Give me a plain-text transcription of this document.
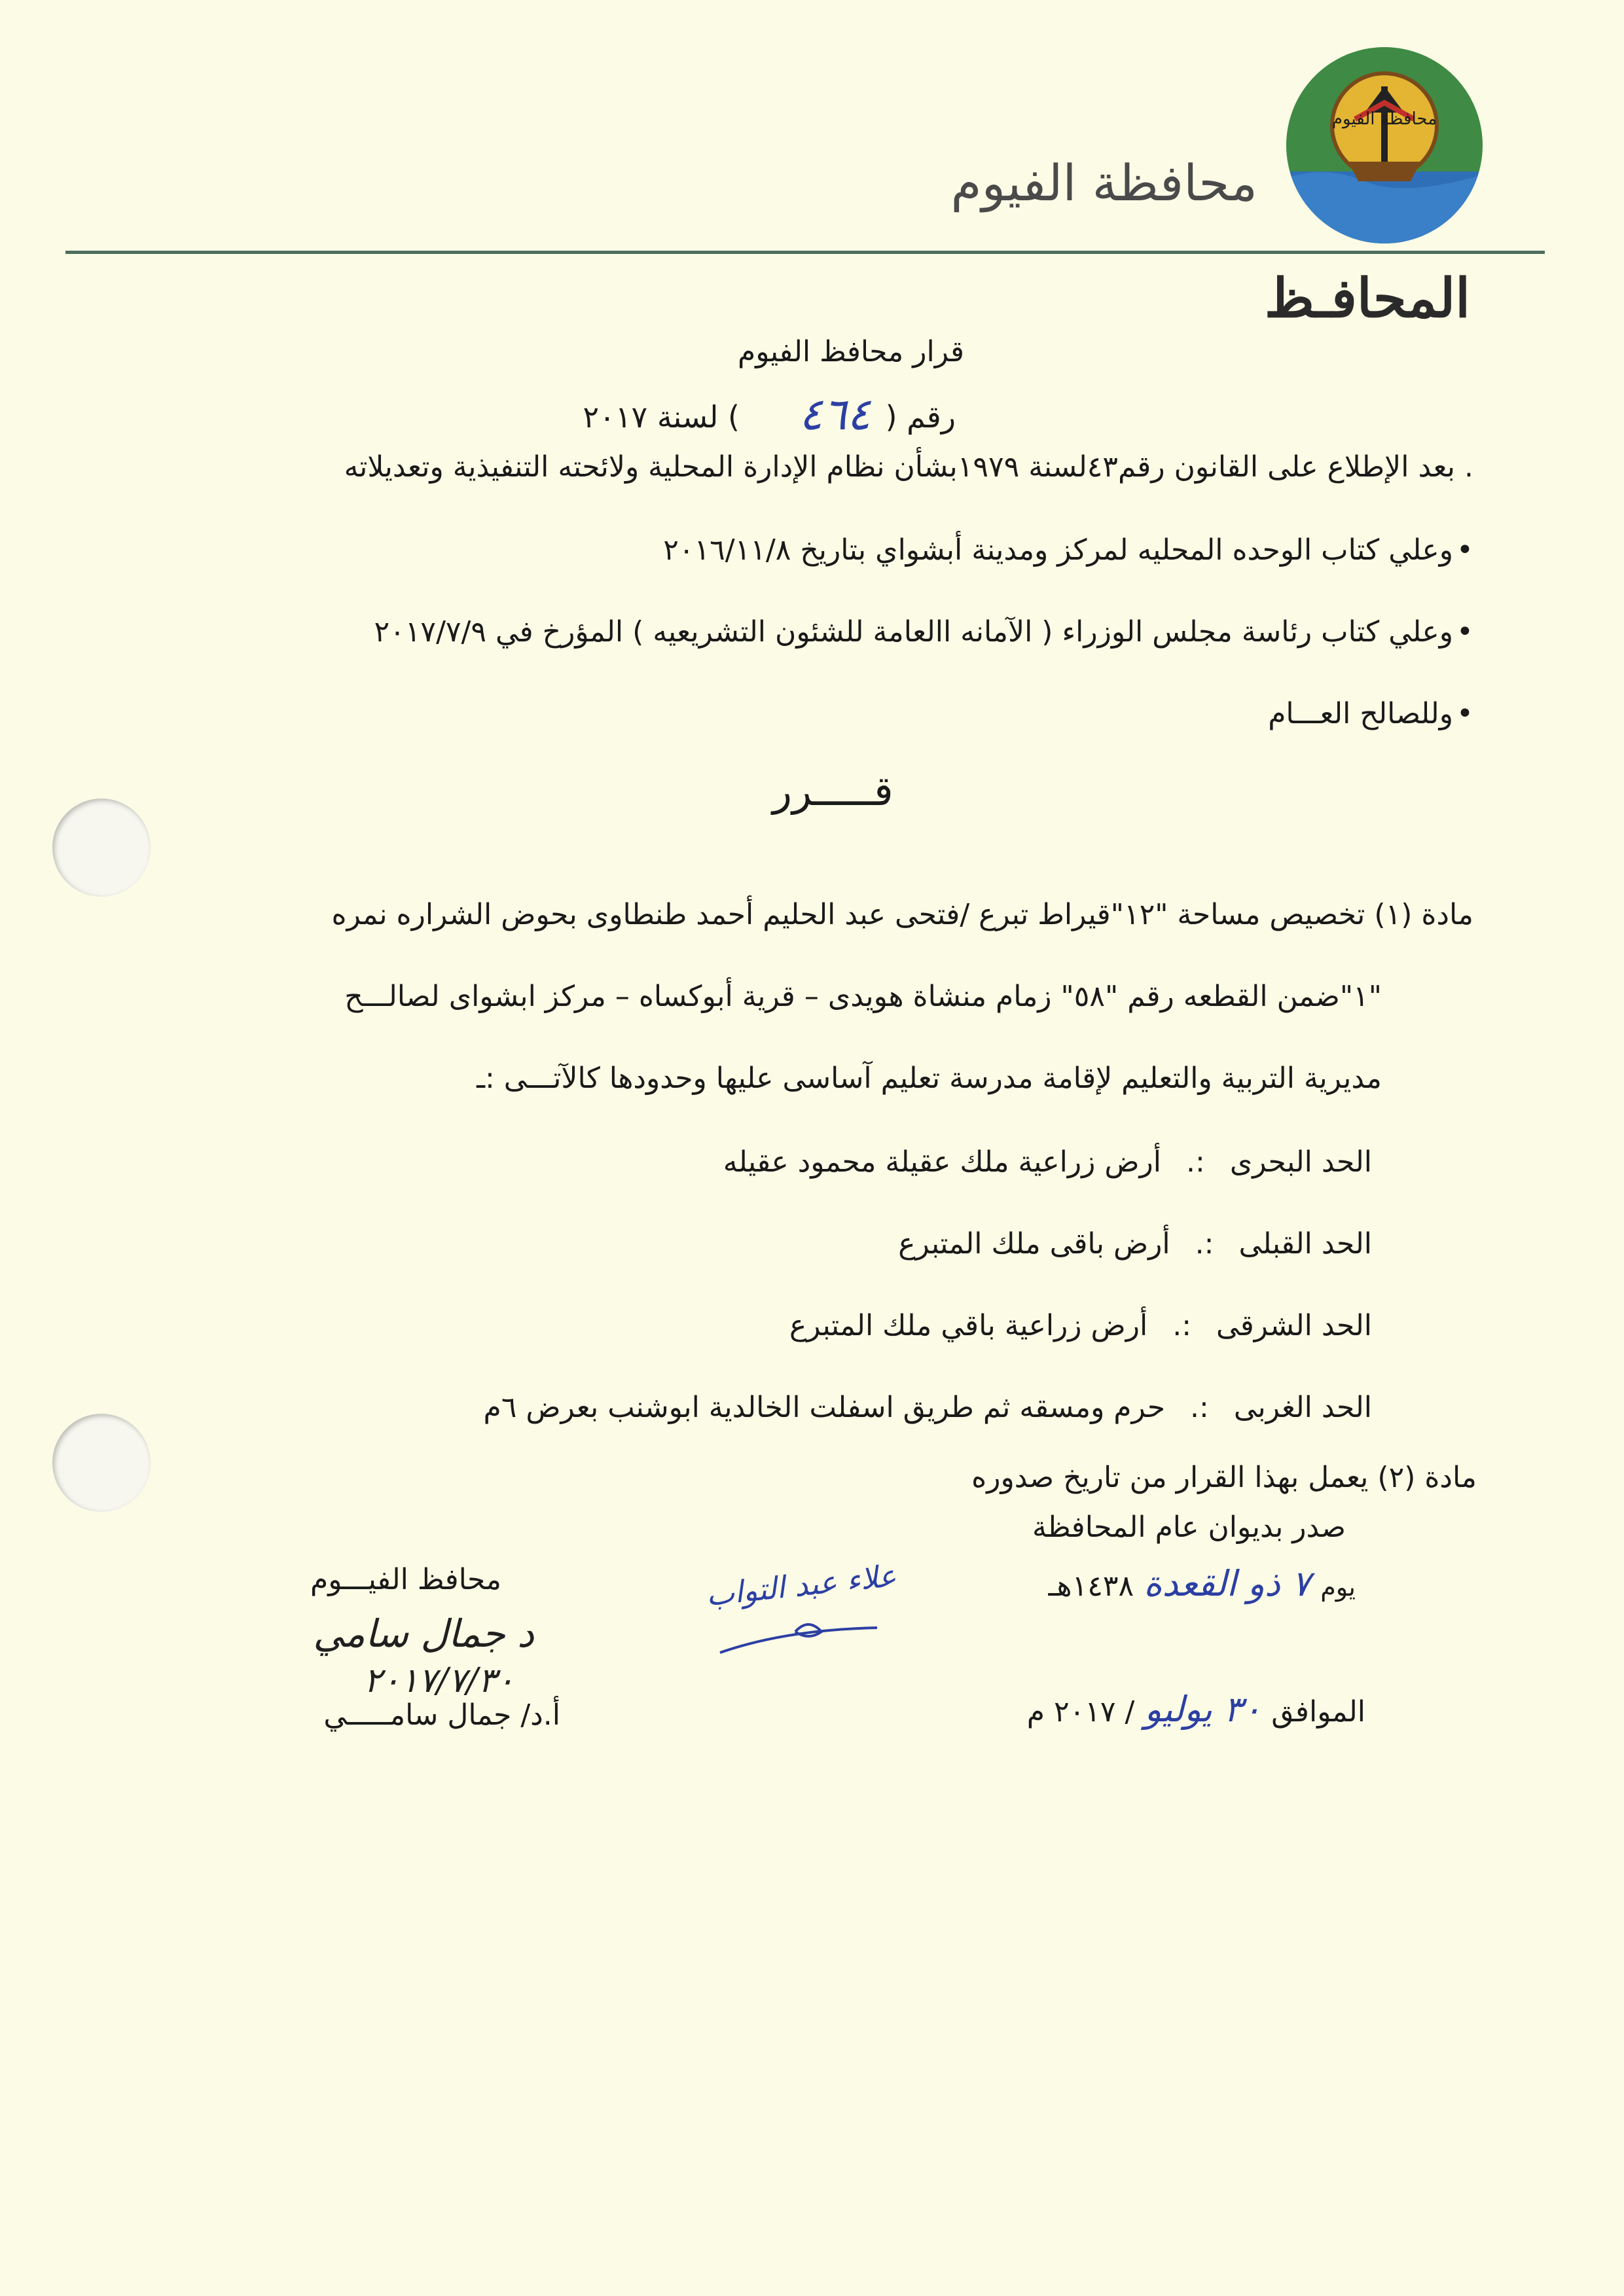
محافظة الفيوم
محافظة الفيوم
المحافـظ
قرار محافظ الفيوم
رقم (
٤٦٤
) لسنة ٢٠١٧
. بعد الإطلاع على القانون رقم٤٣لسنة ١٩٧٩بشأن نظام الإدارة المحلية ولائحته التنفيذية وتعديلاته
• وعلي كتاب الوحده المحليه لمركز ومدينة أبشواي بتاريخ ٢٠١٦/١١/٨
• وعلي كتاب رئاسة مجلس الوزراء ( الآمانه االعامة للشئون التشريعيه ) المؤرخ في ٢٠١٧/٧/٩
• وللصالح العـــام
قـــــرر
مادة (١) تخصيص مساحة "١٢"قيراط تبرع /فتحى عبد الحليم أحمد طنطاوى بحوض الشراره نمره
"١"ضمن القطعه رقم "٥٨" زمام منشاة هويدى – قرية أبوكساه – مركز ابشواى لصالـــح
مديرية التربية والتعليم لإقامة مدرسة تعليم آساسى عليها وحدودها كالآتـــى :ـ
الحد البحرى :. أرض زراعية ملك عقيلة محمود عقيله
الحد القبلى :. أرض باقى ملك المتبرع
الحد الشرقى :. أرض زراعية باقي ملك المتبرع
الحد الغربى :. حرم ومسقه ثم طريق اسفلت الخالدية ابوشنب بعرض ٦م
مادة (٢) يعمل بهذا القرار من تاريخ صدوره
صدر بديوان عام المحافظة
يوم ٧ ذو القعدة ١٤٣٨هـ
الموافق ٣٠ يوليو / ٢٠١٧ م
علاء عبد التواب
محافظ الفيـــوم
د جمال سامي
٢٠١٧/٧/٣٠
أ.د/ جمال سامـــــي
